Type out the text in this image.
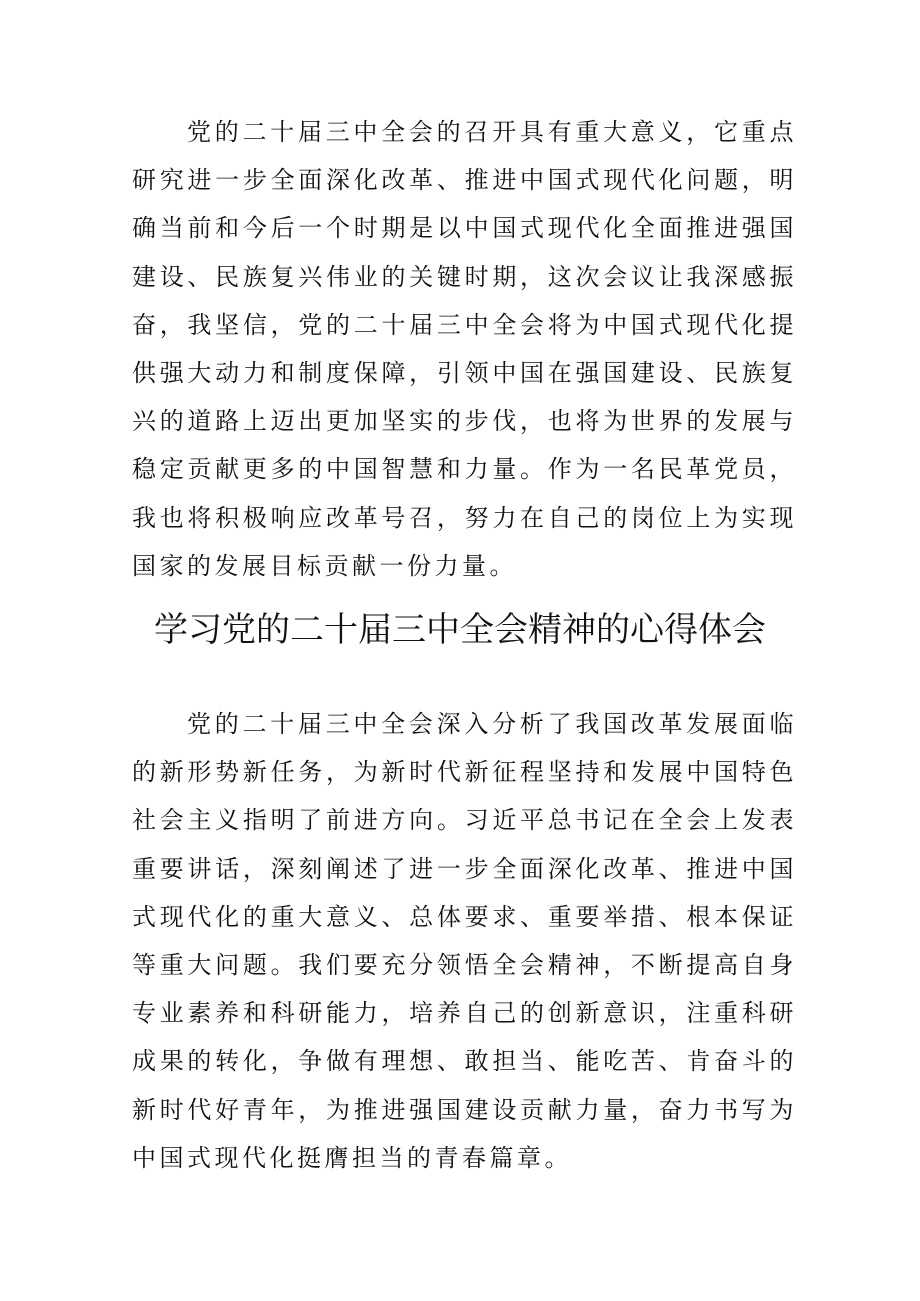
党的二十届三中全会的召开具有重大意义，它重点研究进一步全面深化改革、推进中国式现代化问题，明确当前和今后一个时期是以中国式现代化全面推进强国建设、民族复兴伟业的关键时期，这次会议让我深感振奋，我坚信，党的二十届三中全会将为中国式现代化提供强大动力和制度保障，引领中国在强国建设、民族复兴的道路上迈出更加坚实的步伐，也将为世界的发展与稳定贡献更多的中国智慧和力量。作为一名民革党员，我也将积极响应改革号召，努力在自己的岗位上为实现国家的发展目标贡献一份力量。

学习党的二十届三中全会精神的心得体会

党的二十届三中全会深入分析了我国改革发展面临的新形势新任务，为新时代新征程坚持和发展中国特色社会主义指明了前进方向。习近平总书记在全会上发表重要讲话，深刻阐述了进一步全面深化改革、推进中国式现代化的重大意义、总体要求、重要举措、根本保证等重大问题。我们要充分领悟全会精神，不断提高自身专业素养和科研能力，培养自己的创新意识，注重科研成果的转化，争做有理想、敢担当、能吃苦、肯奋斗的新时代好青年，为推进强国建设贡献力量，奋力书写为中国式现代化挺膺担当的青春篇章。
